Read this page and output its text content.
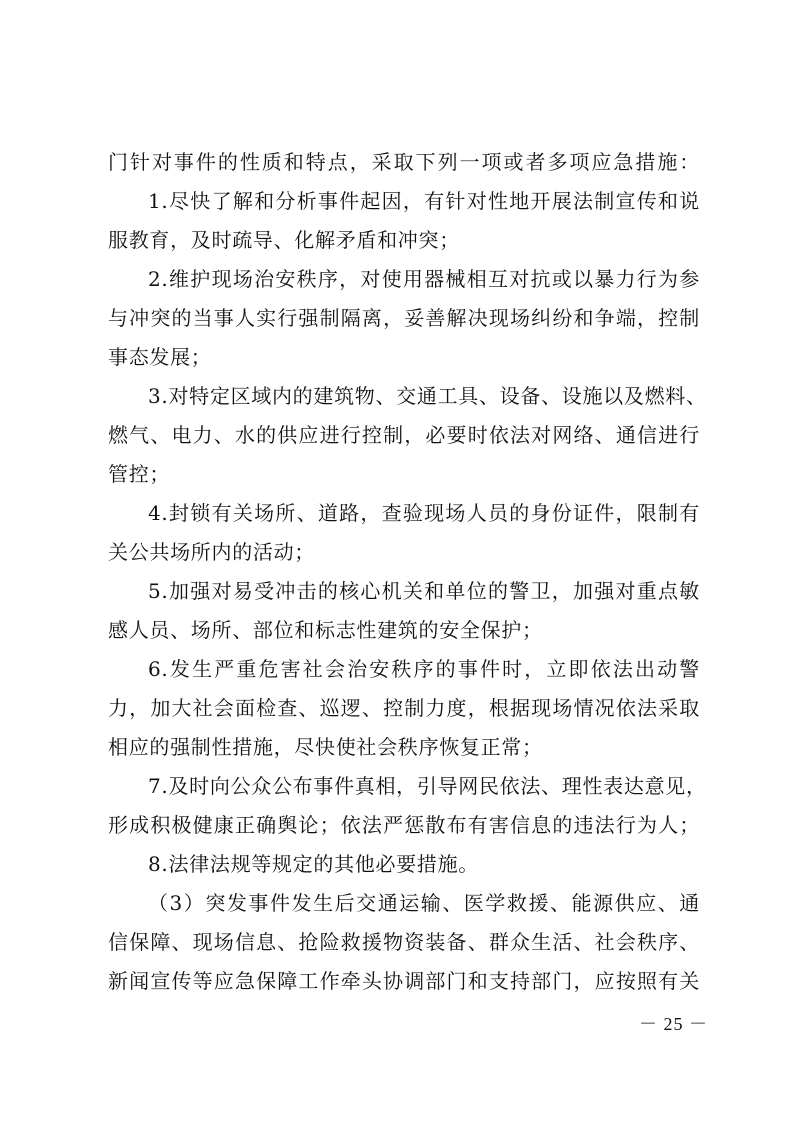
门针对事件的性质和特点，采取下列一项或者多项应急措施：
1.尽快了解和分析事件起因，有针对性地开展法制宣传和说
服教育，及时疏导、化解矛盾和冲突；
2.维护现场治安秩序，对使用器械相互对抗或以暴力行为参
与冲突的当事人实行强制隔离，妥善解决现场纠纷和争端，控制
事态发展；
3.对特定区域内的建筑物、交通工具、设备、设施以及燃料、
燃气、电力、水的供应进行控制，必要时依法对网络、通信进行
管控；
4.封锁有关场所、道路，查验现场人员的身份证件，限制有
关公共场所内的活动；
5.加强对易受冲击的核心机关和单位的警卫，加强对重点敏
感人员、场所、部位和标志性建筑的安全保护；
6.发生严重危害社会治安秩序的事件时，立即依法出动警
力，加大社会面检查、巡逻、控制力度，根据现场情况依法采取
相应的强制性措施，尽快使社会秩序恢复正常；
7.及时向公众公布事件真相，引导网民依法、理性表达意见，
形成积极健康正确舆论；依法严惩散布有害信息的违法行为人；
8.法律法规等规定的其他必要措施。
（3）突发事件发生后交通运输、医学救援、能源供应、通
信保障、现场信息、抢险救援物资装备、群众生活、社会秩序、
新闻宣传等应急保障工作牵头协调部门和支持部门，应按照有关
－ 25 －
